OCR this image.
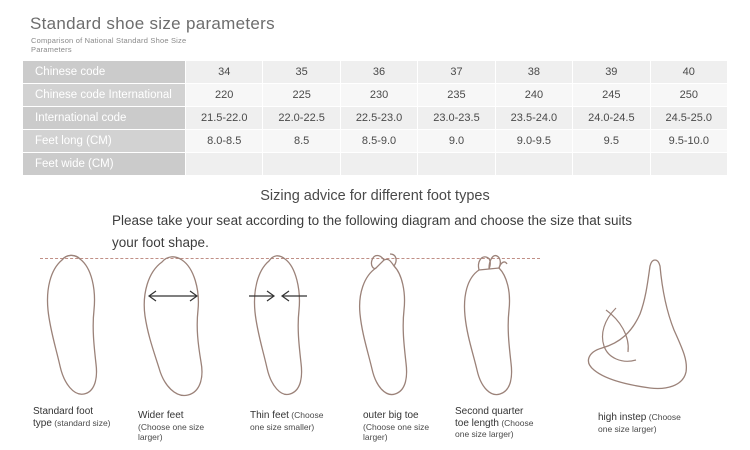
Standard shoe size parameters
Comparison of National Standard Shoe Size Parameters
Chinese code	34	35	36	37	38	39	40
Chinese code International	220	225	230	235	240	245	250
International code	21.5-22.0	22.0-22.5	22.5-23.0	23.0-23.5	23.5-24.0	24.0-24.5	24.5-25.0
Feet long (CM)	8.0-8.5	8.5	8.5-9.0	9.0	9.0-9.5	9.5	9.5-10.0
Feet wide (CM)							
Sizing advice for different foot types
Please take your seat according to the following diagram and choose the size that suits your foot shape.
Standard foot type (standard size)
Wider feet (Choose one size larger)
Thin feet (Choose one size smaller)
outer big toe (Choose one size larger)
Second quarter toe length (Choose one size larger)
high instep (Choose one size larger)
